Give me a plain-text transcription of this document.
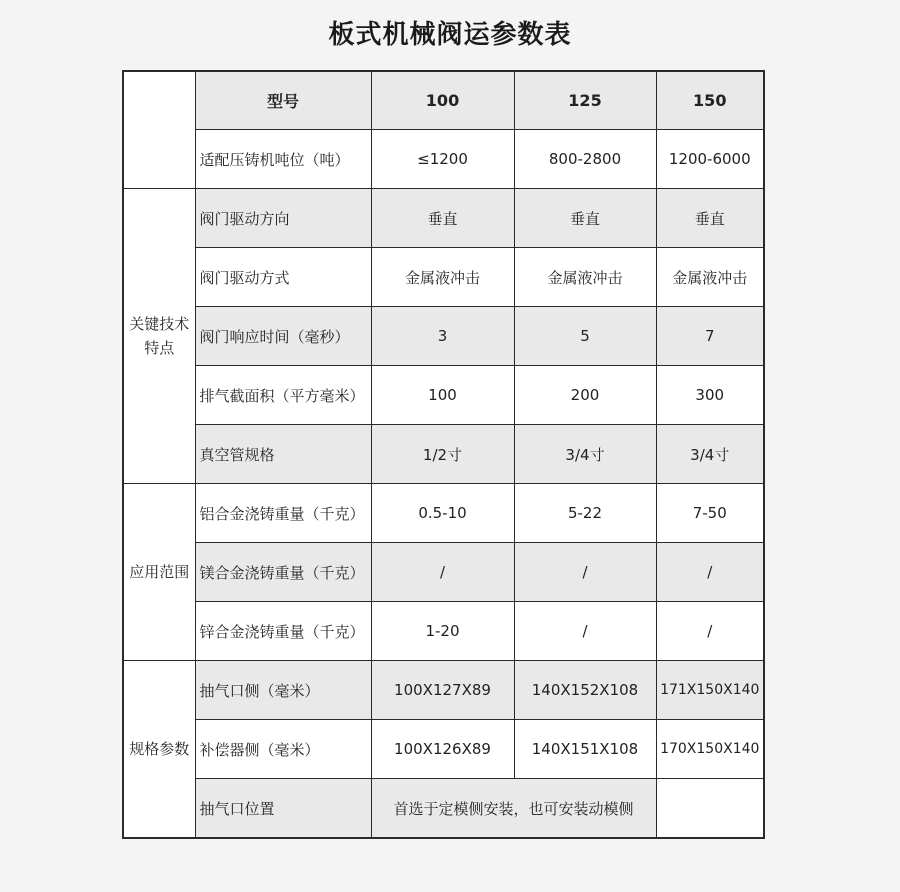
板式机械阀运参数表
	型号	100	125	150
	适配压铸机吨位（吨）	≤1200	800-2800	1200-6000
关键技术特点	阀门驱动方向	垂直	垂直	垂直
	阀门驱动方式	金属液冲击	金属液冲击	金属液冲击
	阀门响应时间（毫秒）	3	5	7
	排气截面积（平方毫米）	100	200	300
	真空管规格	1/2寸	3/4寸	3/4寸
应用范围	铝合金浇铸重量（千克）	0.5-10	5-22	7-50
	镁合金浇铸重量（千克）	/	/	/
	锌合金浇铸重量（千克）	1-20	/	/
规格参数	抽气口侧（毫米）	100X127X89	140X152X108	171X150X140
	补偿器侧（毫米）	100X126X89	140X151X108	170X150X140
	抽气口位置	首选于定模侧安装，也可安装动模侧		
